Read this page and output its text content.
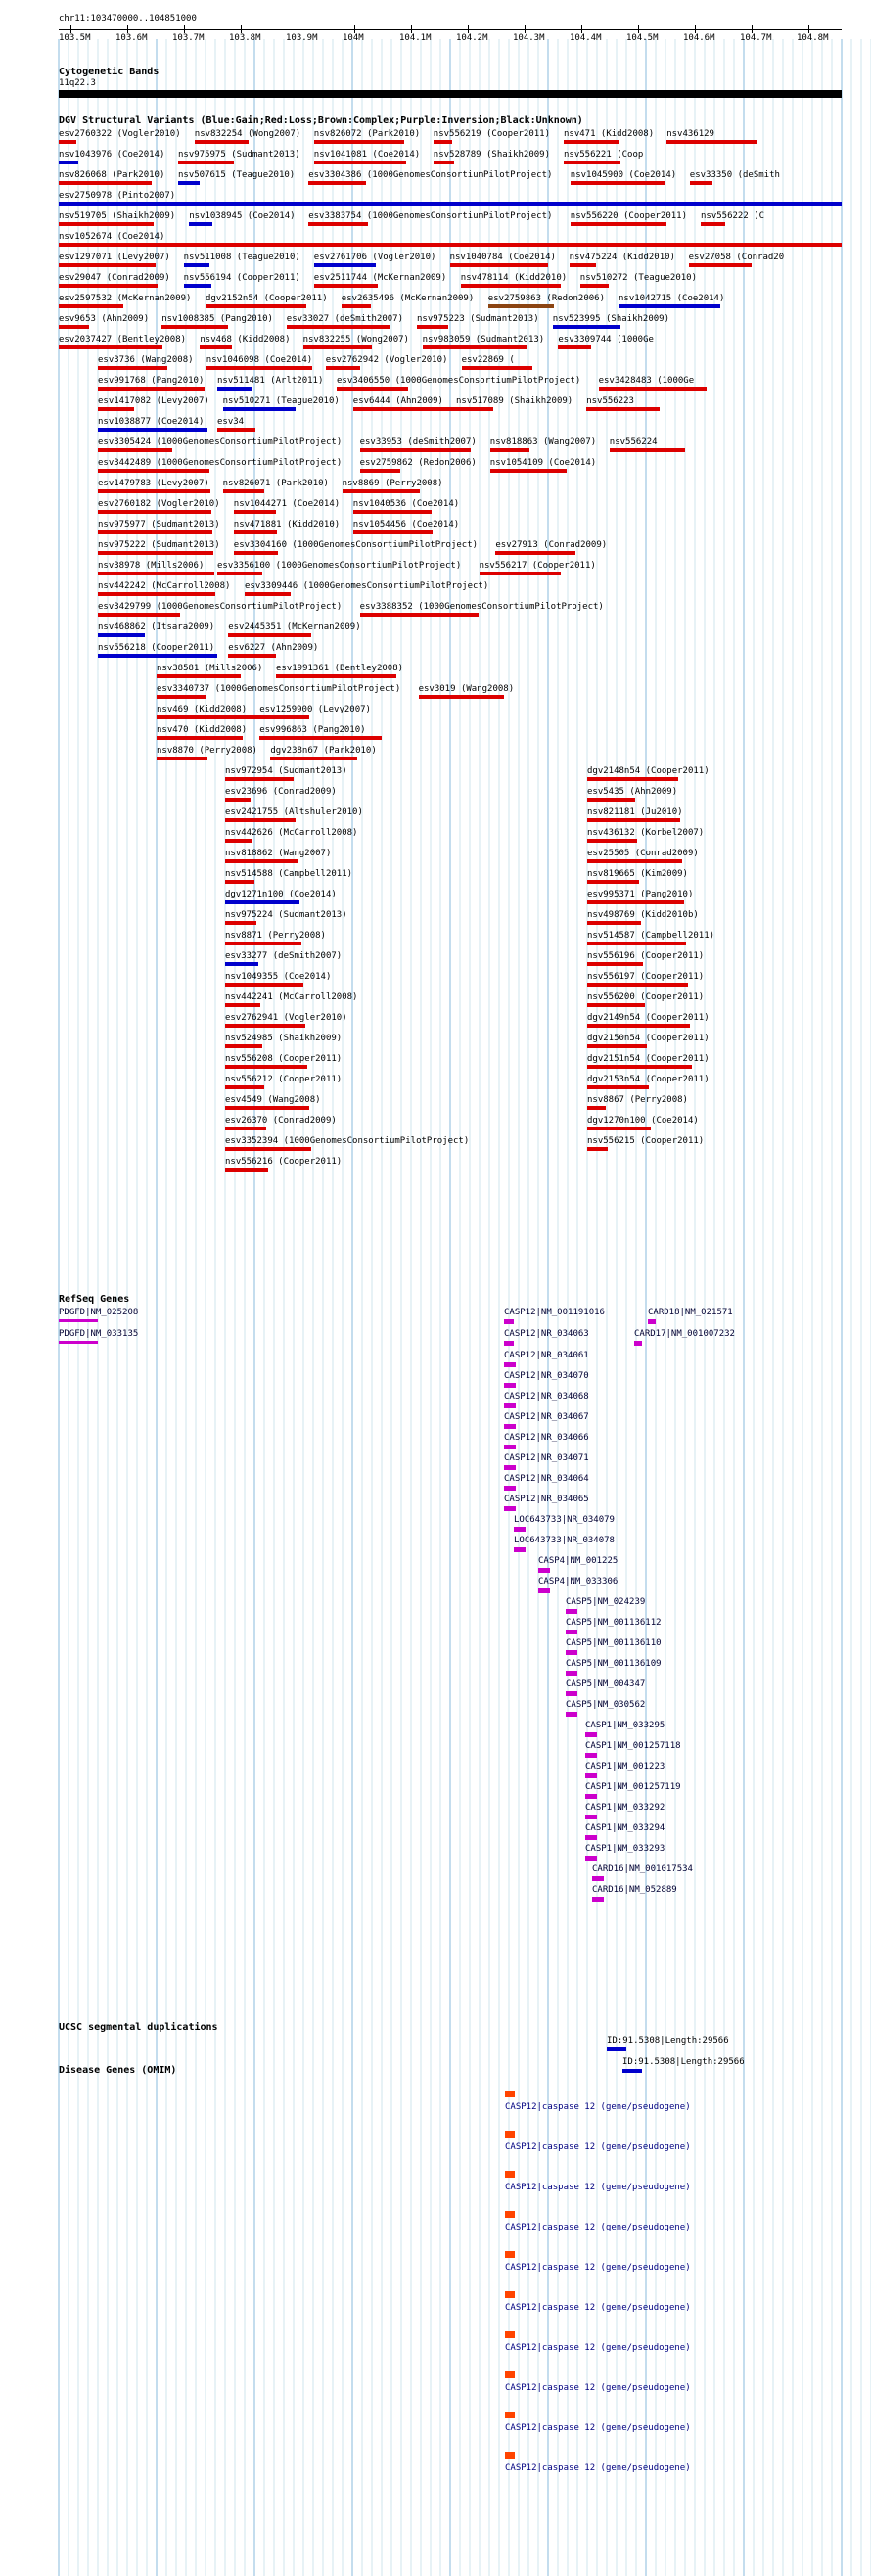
chr11:103470000..104851000
103.5M	103.6M	103.7M	103.8M	103.9M	104M	104.1M	104.2M	104.3M	104.4M	104.5M	104.6M	104.7M	104.8M
Cytogenetic Bands
11q22.3
DGV Structural Variants (Blue:Gain;Red:Loss;Brown:Complex;Purple:Inversion;Black:Unknown)
esv2760322 (Vogler2010) nsv832254 (Wong2007) nsv826072 (Park2010) nsv556219 (Cooper2011) nsv471 (Kidd2008) nsv436129
nsv1043976 (Coe2014) nsv975975 (Sudmant2013) nsv1041081 (Coe2014) nsv528789 (Shaikh2009) nsv556221 (Coop
nsv826068 (Park2010) nsv507615 (Teague2010) esv3304386 (1000GenomesConsortiumPilotProject) nsv1045900 (Coe2014) esv33350 (deSmith
esv2750978 (Pinto2007)
nsv519705 (Shaikh2009) nsv1038945 (Coe2014) esv3383754 (1000GenomesConsortiumPilotProject) nsv556220 (Cooper2011) nsv556222 (C
nsv1052674 (Coe2014)
esv1297071 (Levy2007) nsv511008 (Teague2010) esv2761706 (Vogler2010) nsv1040784 (Coe2014) nsv475224 (Kidd2010) esv27058 (Conrad20
esv29047 (Conrad2009) nsv556194 (Cooper2011) esv2511744 (McKernan2009) nsv478114 (Kidd2010) nsv510272 (Teague2010)
esv2597532 (McKernan2009) dgv2152n54 (Cooper2011) esv2635496 (McKernan2009) esv2759863 (Redon2006) nsv1042715 (Coe2014)
esv9653 (Ahn2009) nsv1008385 (Pang2010) esv33027 (deSmith2007) nsv975223 (Sudmant2013) nsv523995 (Shaikh2009)
esv2037427 (Bentley2008) nsv468 (Kidd2008) nsv832255 (Wong2007) nsv983059 (Sudmant2013) esv3309744 (1000Ge
esv3736 (Wang2008) nsv1046098 (Coe2014) esv2762942 (Vogler2010) esv22869 (
esv991768 (Pang2010) nsv511481 (Arlt2011) esv3406550 (1000GenomesConsortiumPilotProject) esv3428483 (1000Ge
esv1417082 (Levy2007) nsv510271 (Teague2010) esv6444 (Ahn2009) nsv517089 (Shaikh2009) nsv556223
nsv1038877 (Coe2014) esv34
esv3305424 (1000GenomesConsortiumPilotProject) esv33953 (deSmith2007) nsv818863 (Wang2007) nsv556224
esv3442489 (1000GenomesConsortiumPilotProject) esv2759862 (Redon2006) nsv1054109 (Coe2014)
esv1479783 (Levy2007) nsv826071 (Park2010) nsv8869 (Perry2008)
esv2760182 (Vogler2010) nsv1044271 (Coe2014) nsv1040536 (Coe2014)
nsv975977 (Sudmant2013) nsv471881 (Kidd2010) nsv1054456 (Coe2014)
nsv975222 (Sudmant2013) esv3304160 (1000GenomesConsortiumPilotProject) esv27913 (Conrad2009)
nsv38978 (Mills2006) esv3356100 (1000GenomesConsortiumPilotProject) nsv556217 (Cooper2011)
nsv442242 (McCarroll2008) esv3309446 (1000GenomesConsortiumPilotProject)
esv3429799 (1000GenomesConsortiumPilotProject) esv3388352 (1000GenomesConsortiumPilotProject)
nsv468862 (Itsara2009) esv2445351 (McKernan2009)
nsv556218 (Cooper2011) esv6227 (Ahn2009)
nsv38581 (Mills2006) esv1991361 (Bentley2008)
esv3340737 (1000GenomesConsortiumPilotProject) esv3019 (Wang2008)
nsv469 (Kidd2008) esv1259900 (Levy2007)
nsv470 (Kidd2008) esv996863 (Pang2010)
nsv8870 (Perry2008) dgv238n67 (Park2010)
nsv972954 (Sudmant2013)	dgv2148n54 (Cooper2011)
esv23696 (Conrad2009)	esv5435 (Ahn2009)
esv2421755 (Altshuler2010)	nsv821181 (Ju2010)
nsv442626 (McCarroll2008)	nsv436132 (Korbel2007)
nsv818862 (Wang2007)	esv25505 (Conrad2009)
nsv514588 (Campbell2011)	nsv819665 (Kim2009)
dgv1271n100 (Coe2014)	esv995371 (Pang2010)
nsv975224 (Sudmant2013)	nsv498769 (Kidd2010b)
nsv8871 (Perry2008)	nsv514587 (Campbell2011)
esv33277 (deSmith2007)	nsv556196 (Cooper2011)
nsv1049355 (Coe2014)	nsv556197 (Cooper2011)
nsv442241 (McCarroll2008)	nsv556200 (Cooper2011)
esv2762941 (Vogler2010)	dgv2149n54 (Cooper2011)
nsv524985 (Shaikh2009)	dgv2150n54 (Cooper2011)
nsv556208 (Cooper2011)	dgv2151n54 (Cooper2011)
nsv556212 (Cooper2011)	dgv2153n54 (Cooper2011)
esv4549 (Wang2008)	nsv8867 (Perry2008)
esv26370 (Conrad2009)	dgv1270n100 (Coe2014)
esv3352394 (1000GenomesConsortiumPilotProject)	nsv556215 (Cooper2011)
nsv556216 (Cooper2011)
RefSeq Genes
PDGFD|NM_025208
PDGFD|NM_033135
CASP12|NM_001191016	CARD18|NM_021571
CASP12|NR_034063	CARD17|NM_001007232
CASP12|NR_034061
CASP12|NR_034070
CASP12|NR_034068
CASP12|NR_034067
CASP12|NR_034066
CASP12|NR_034071
CASP12|NR_034064
CASP12|NR_034065
LOC643733|NR_034079
LOC643733|NR_034078
CASP4|NM_001225
CASP4|NM_033306
CASP5|NM_024239
CASP5|NM_001136112
CASP5|NM_001136110
CASP5|NM_001136109
CASP5|NM_004347
CASP5|NM_030562
CASP1|NM_033295
CASP1|NM_001257118
CASP1|NM_001223
CASP1|NM_001257119
CASP1|NM_033292
CASP1|NM_033294
CASP1|NM_033293
CARD16|NM_001017534
CARD16|NM_052889
UCSC segmental duplications
ID:91.5308|Length:29566
ID:91.5308|Length:29566
Disease Genes (OMIM)
CASP12|caspase 12 (gene/pseudogene)
CASP12|caspase 12 (gene/pseudogene)
CASP12|caspase 12 (gene/pseudogene)
CASP12|caspase 12 (gene/pseudogene)
CASP12|caspase 12 (gene/pseudogene)
CASP12|caspase 12 (gene/pseudogene)
CASP12|caspase 12 (gene/pseudogene)
CASP12|caspase 12 (gene/pseudogene)
CASP12|caspase 12 (gene/pseudogene)
CASP12|caspase 12 (gene/pseudogene)
